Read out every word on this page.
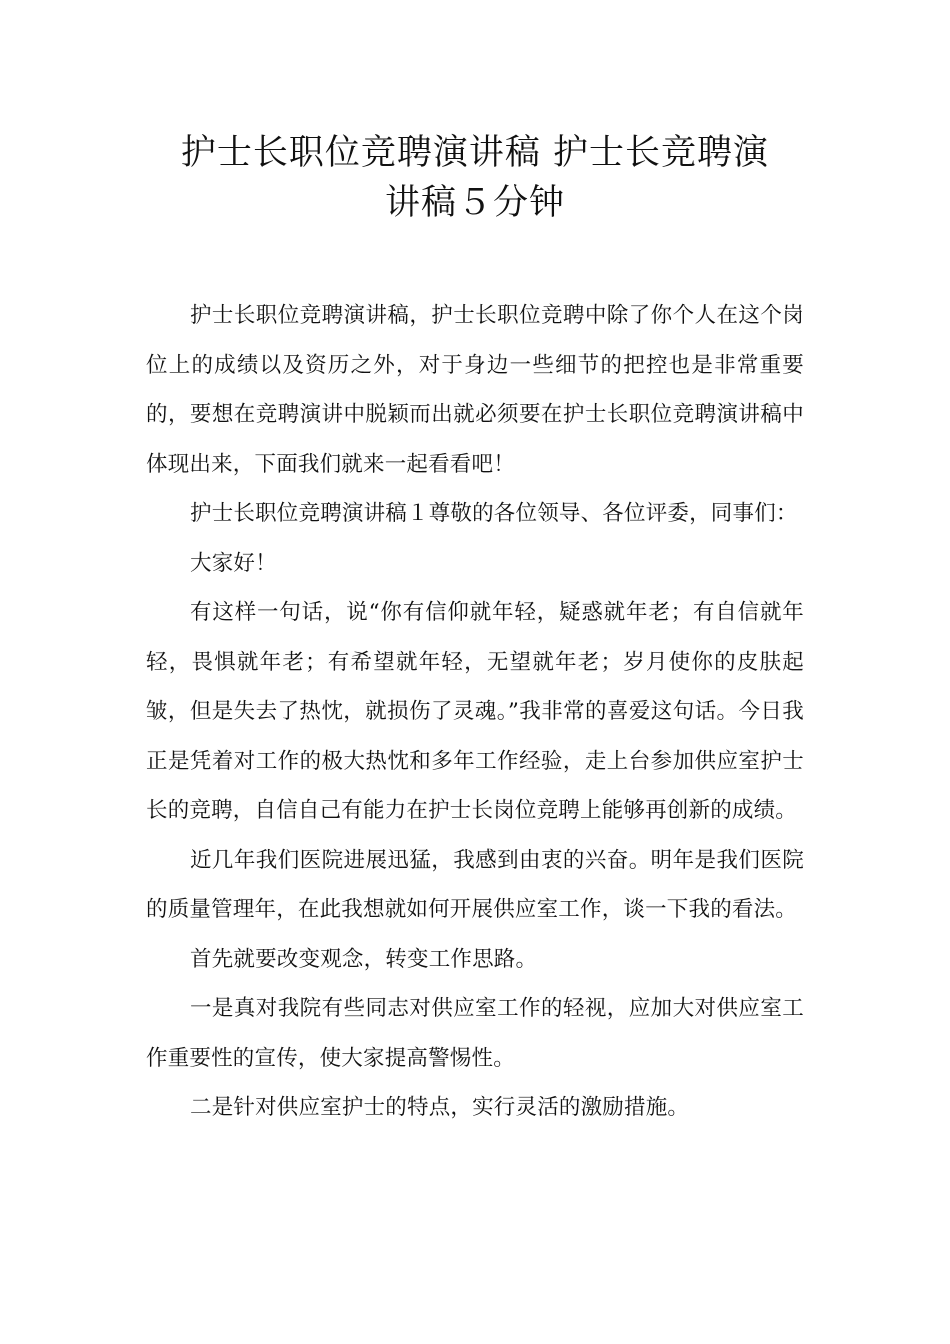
护士长职位竞聘演讲稿 护士长竞聘演
讲稿５分钟

护士长职位竞聘演讲稿，护士长职位竞聘中除了你个人在这个岗位上的成绩以及资历之外，对于身边一些细节的把控也是非常重要的，要想在竞聘演讲中脱颖而出就必须要在护士长职位竞聘演讲稿中体现出来，下面我们就来一起看看吧！

护士长职位竞聘演讲稿１尊敬的各位领导、各位评委，同事们：

大家好！

有这样一句话，说“你有信仰就年轻，疑惑就年老；有自信就年轻，畏惧就年老；有希望就年轻，无望就年老；岁月使你的皮肤起皱，但是失去了热忱，就损伤了灵魂。”我非常的喜爱这句话。今日我正是凭着对工作的极大热忱和多年工作经验，走上台参加供应室护士长的竞聘，自信自己有能力在护士长岗位竞聘上能够再创新的成绩。

近几年我们医院进展迅猛，我感到由衷的兴奋。明年是我们医院的质量管理年，在此我想就如何开展供应室工作，谈一下我的看法。

首先就要改变观念，转变工作思路。

一是真对我院有些同志对供应室工作的轻视，应加大对供应室工作重要性的宣传，使大家提高警惕性。

二是针对供应室护士的特点，实行灵活的激励措施。
